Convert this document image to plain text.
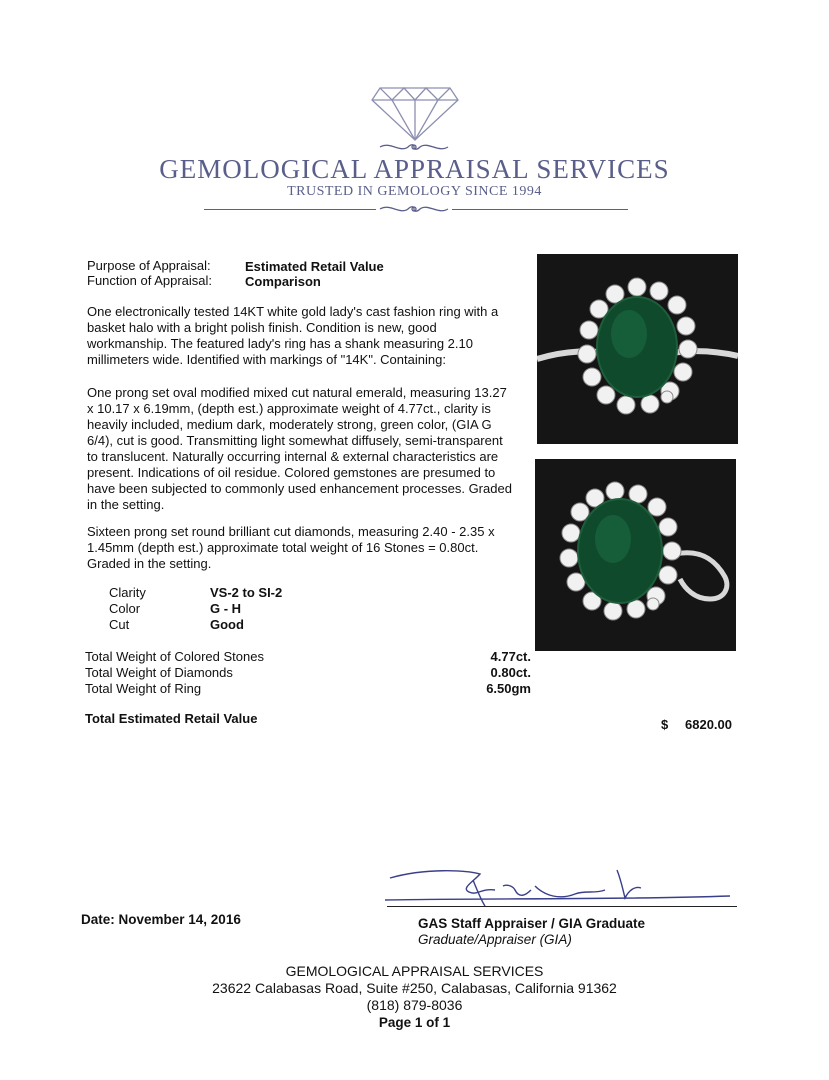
GEMOLOGICAL APPRAISAL SERVICES
TRUSTED IN GEMOLOGY SINCE 1994
Purpose of Appraisal:	Estimated Retail Value
Function of Appraisal:	Comparison
One electronically tested 14KT white gold lady's cast fashion ring with a basket halo with a bright polish finish. Condition is new, good workmanship. The featured lady's ring has a shank measuring 2.10 millimeters wide. Identified with markings of "14K". Containing:
One prong set oval modified mixed cut natural emerald, measuring 13.27 x 10.17 x 6.19mm, (depth est.) approximate weight of 4.77ct., clarity is heavily included, medium dark, moderately strong, green color, (GIA G 6/4), cut is good. Transmitting light somewhat diffusely, semi-transparent to translucent. Naturally occurring internal & external characteristics are present. Indications of oil residue. Colored gemstones are presumed to have been subjected to commonly used enhancement processes. Graded in the setting.
Sixteen prong set round brilliant cut diamonds, measuring 2.40 - 2.35 x 1.45mm (depth est.) approximate total weight of 16 Stones = 0.80ct. Graded in the setting.
Clarity	VS-2 to SI-2
Color	G - H
Cut	Good
Total Weight of Colored Stones	4.77ct.
Total Weight of Diamonds	0.80ct.
Total Weight of Ring	6.50gm
Total Estimated Retail Value	$ 6820.00
Date: November 14, 2016	GAS Staff Appraiser / GIA Graduate
Graduate/Appraiser (GIA)
GEMOLOGICAL APPRAISAL SERVICES
23622 Calabasas Road, Suite #250, Calabasas, California 91362
(818) 879-8036
Page 1 of 1
